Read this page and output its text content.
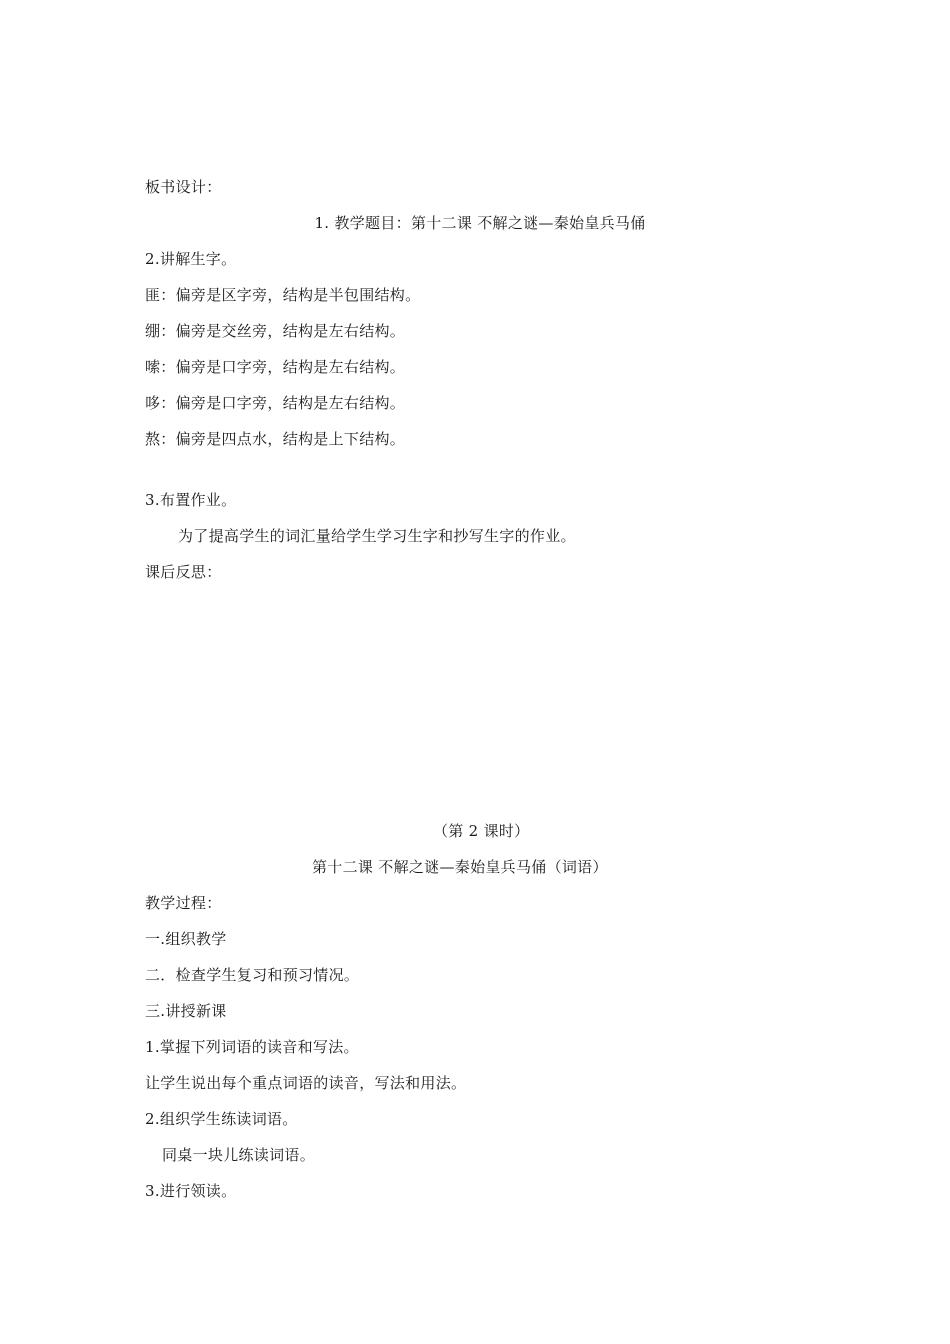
板书设计：
1. 教学题目：第十二课 不解之谜—秦始皇兵马俑
2.讲解生字。
匪：偏旁是区字旁，结构是半包围结构。
绷：偏旁是交丝旁，结构是左右结构。
嗦：偏旁是口字旁，结构是左右结构。
哆：偏旁是口字旁，结构是左右结构。
熬：偏旁是四点水，结构是上下结构。
3.布置作业。
为了提高学生的词汇量给学生学习生字和抄写生字的作业。
课后反思：
（第 2 课时）
第十二课 不解之谜—秦始皇兵马俑（词语）
教学过程：
一.组织教学
二．检查学生复习和预习情况。
三.讲授新课
1.掌握下列词语的读音和写法。
让学生说出每个重点词语的读音，写法和用法。
2.组织学生练读词语。
同桌一块儿练读词语。
3.进行领读。
